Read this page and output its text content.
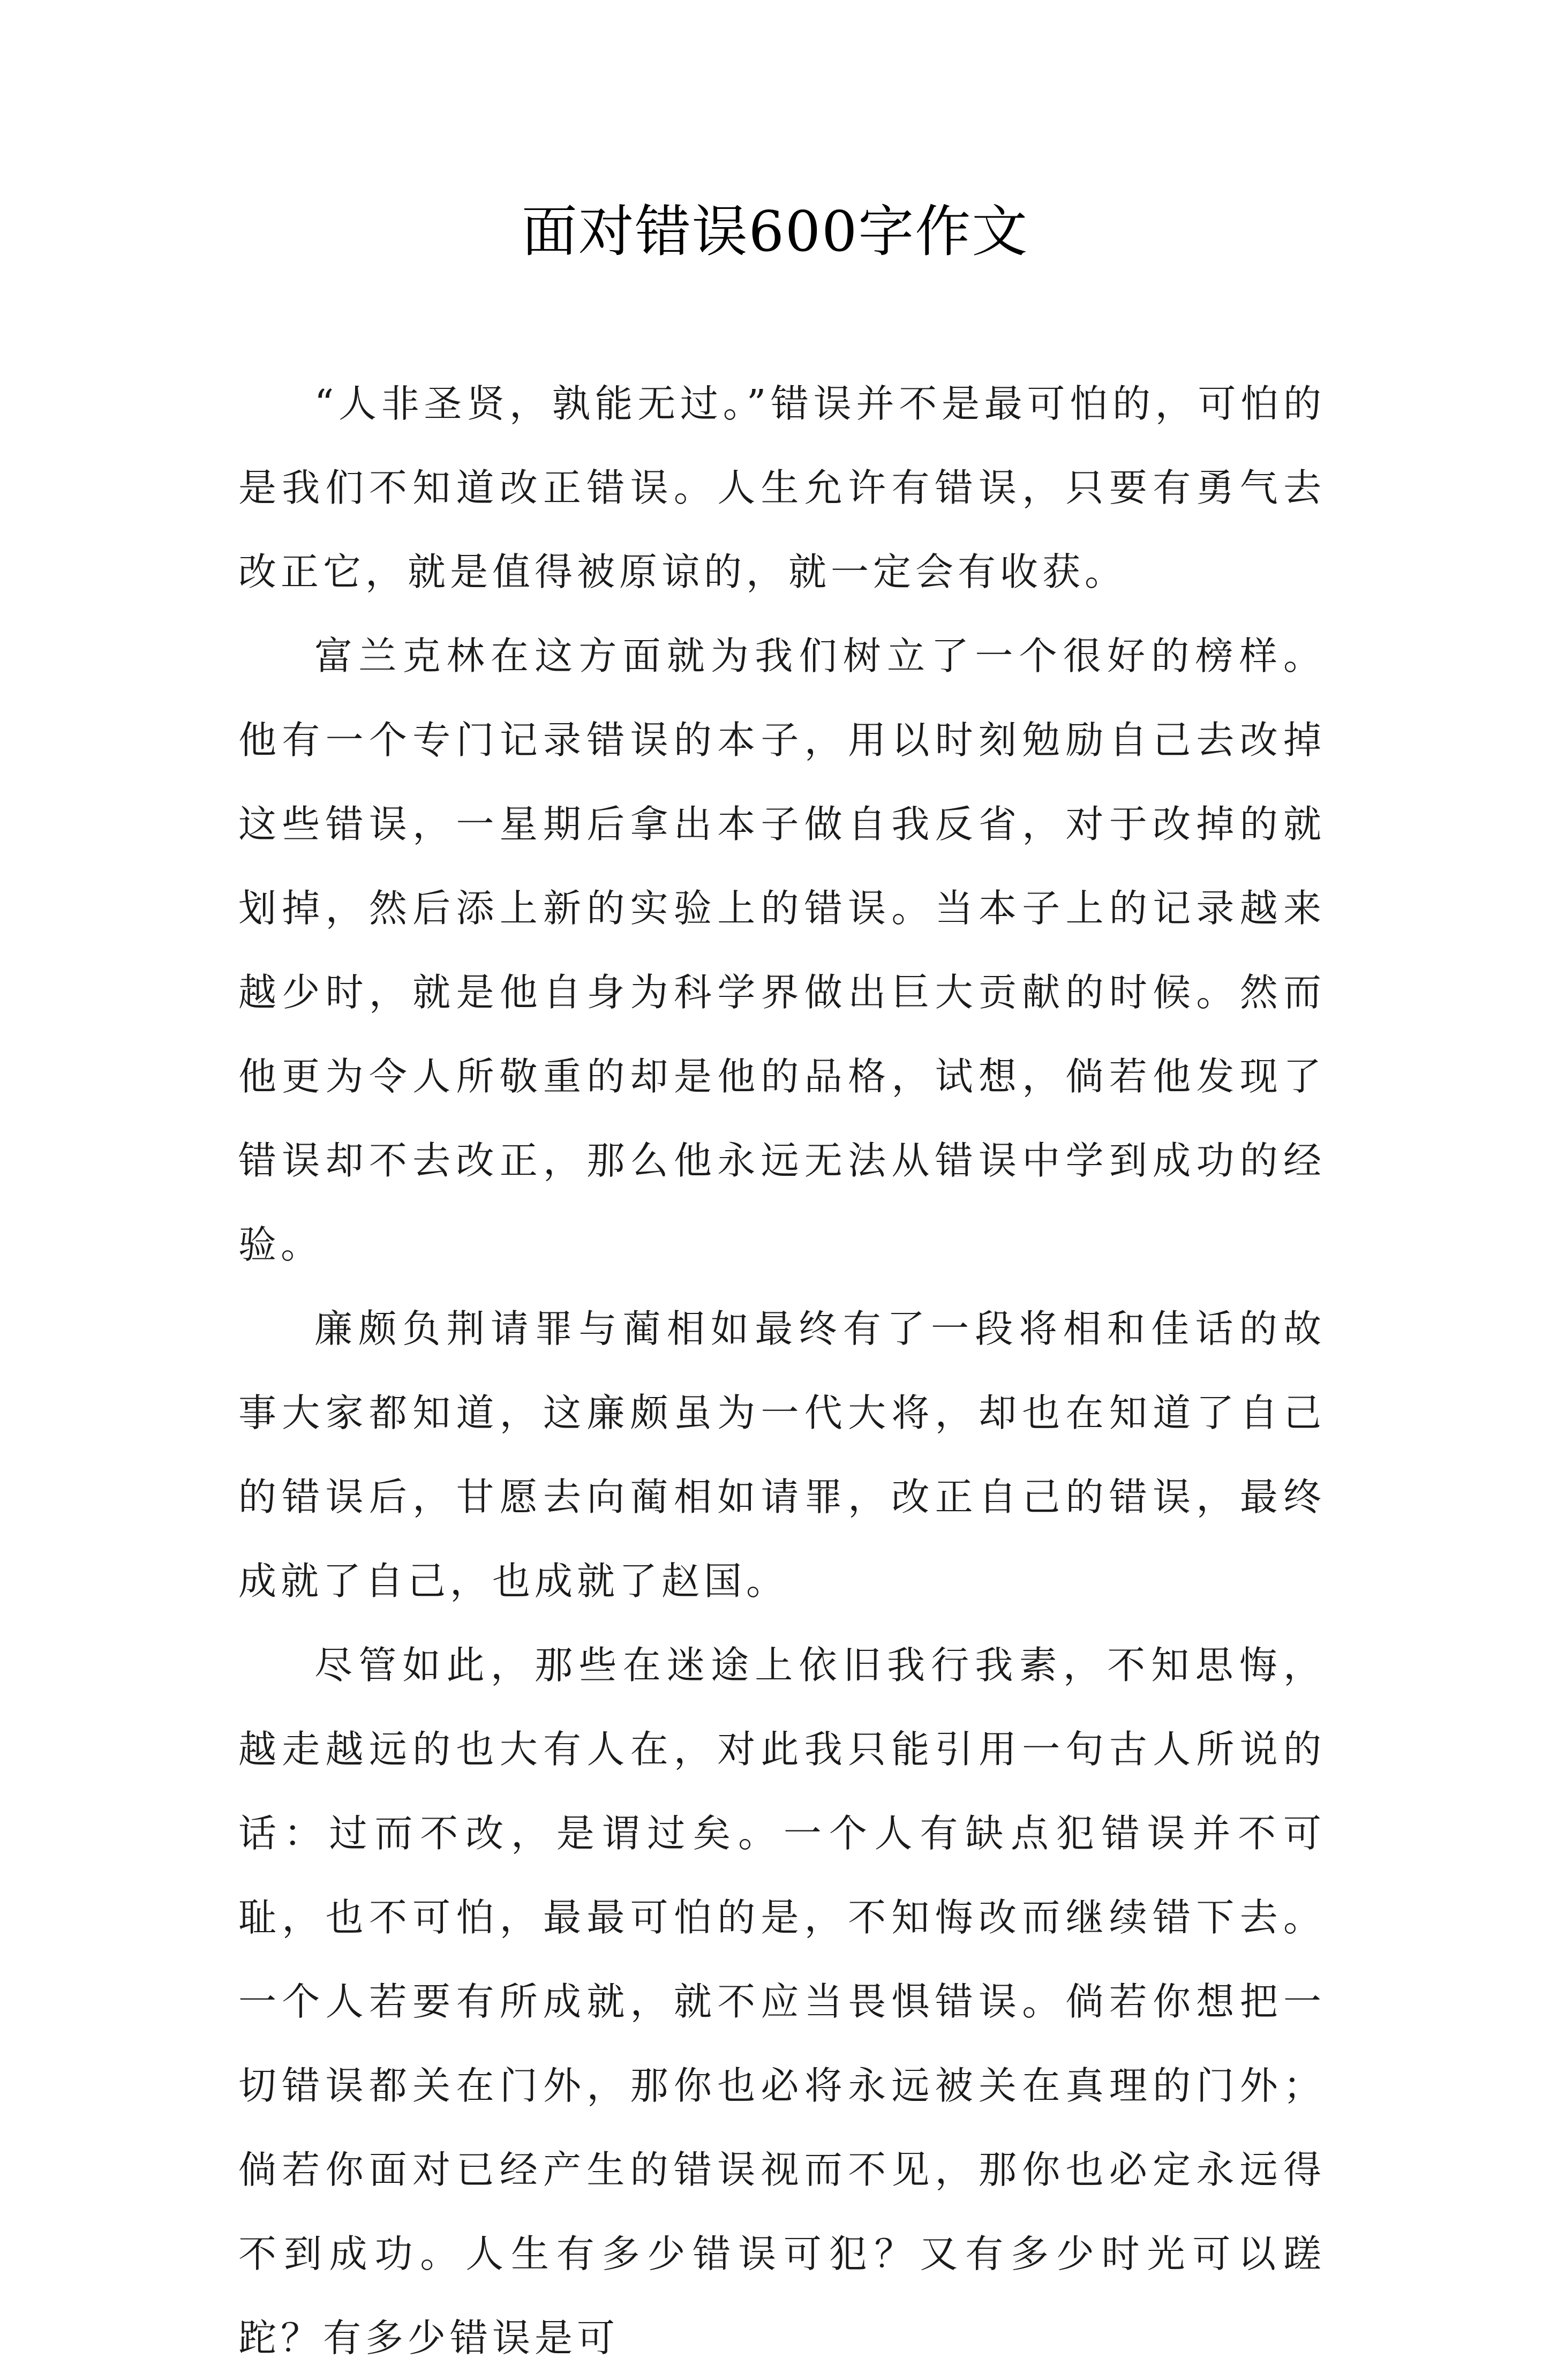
面对错误600字作文

“人非圣贤，孰能无过。”错误并不是最可怕的，可怕的是我们不知道改正错误。人生允许有错误，只要有勇气去改正它，就是值得被原谅的，就一定会有收获。

富兰克林在这方面就为我们树立了一个很好的榜样。他有一个专门记录错误的本子，用以时刻勉励自己去改掉这些错误，一星期后拿出本子做自我反省，对于改掉的就划掉，然后添上新的实验上的错误。当本子上的记录越来越少时，就是他自身为科学界做出巨大贡献的时候。然而他更为令人所敬重的却是他的品格，试想，倘若他发现了错误却不去改正，那么他永远无法从错误中学到成功的经验。

廉颇负荆请罪与蔺相如最终有了一段将相和佳话的故事大家都知道，这廉颇虽为一代大将，却也在知道了自己的错误后，甘愿去向蔺相如请罪，改正自己的错误，最终成就了自己，也成就了赵国。

尽管如此，那些在迷途上依旧我行我素，不知思悔，越走越远的也大有人在，对此我只能引用一句古人所说的话：过而不改，是谓过矣。一个人有缺点犯错误并不可耻，也不可怕，最最可怕的是，不知悔改而继续错下去。一个人若要有所成就，就不应当畏惧错误。倘若你想把一切错误都关在门外，那你也必将永远被关在真理的门外；倘若你面对已经产生的错误视而不见，那你也必定永远得不到成功。人生有多少错误可犯？又有多少时光可以蹉跎？有多少错误是可
